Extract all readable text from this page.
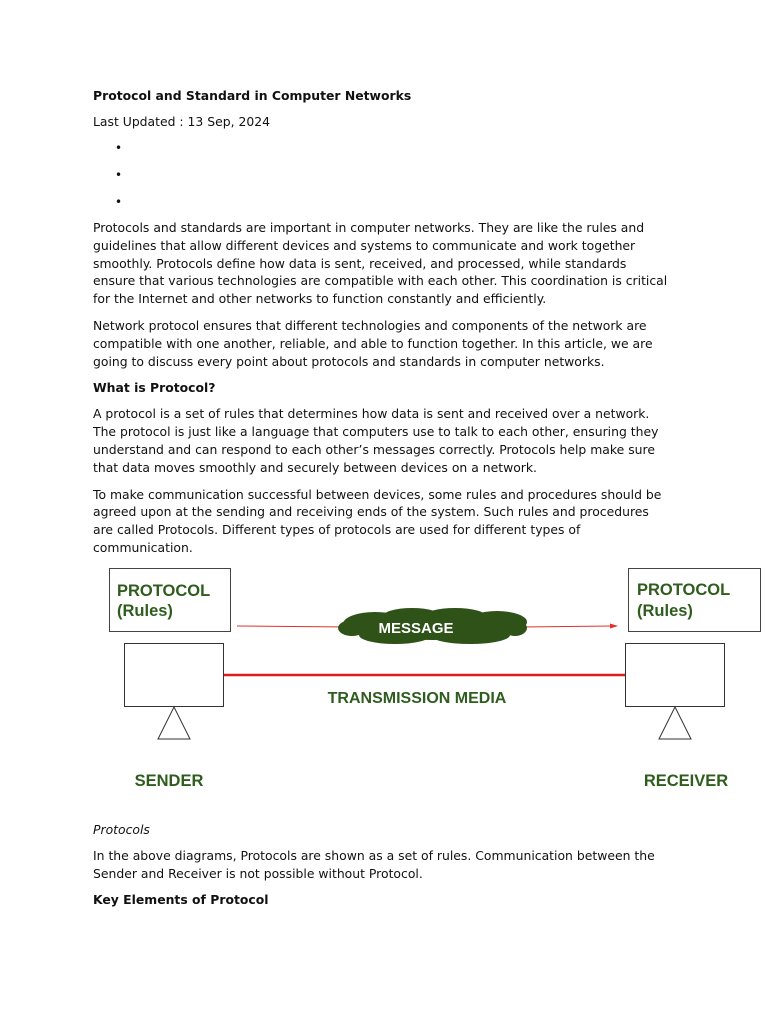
Protocol and Standard in Computer Networks
Last Updated : 13 Sep, 2024
•
•
•

Protocols and standards are important in computer networks. They are like the rules and guidelines that allow different devices and systems to communicate and work together smoothly. Protocols define how data is sent, received, and processed, while standards ensure that various technologies are compatible with each other. This coordination is critical for the Internet and other networks to function constantly and efficiently.

Network protocol ensures that different technologies and components of the network are compatible with one another, reliable, and able to function together. In this article, we are going to discuss every point about protocols and standards in computer networks.

What is Protocol?

A protocol is a set of rules that determines how data is sent and received over a network. The protocol is just like a language that computers use to talk to each other, ensuring they understand and can respond to each other’s messages correctly. Protocols help make sure that data moves smoothly and securely between devices on a network.

To make communication successful between devices, some rules and procedures should be agreed upon at the sending and receiving ends of the system. Such rules and procedures are called Protocols. Different types of protocols are used for different types of communication.

Protocols

In the above diagrams, Protocols are shown as a set of rules. Communication between the Sender and Receiver is not possible without Protocol.

Key Elements of Protocol
PROTOCOL
(Rules)
PROTOCOL
(Rules)
MESSAGE
TRANSMISSION MEDIA
SENDER	RECEIVER
